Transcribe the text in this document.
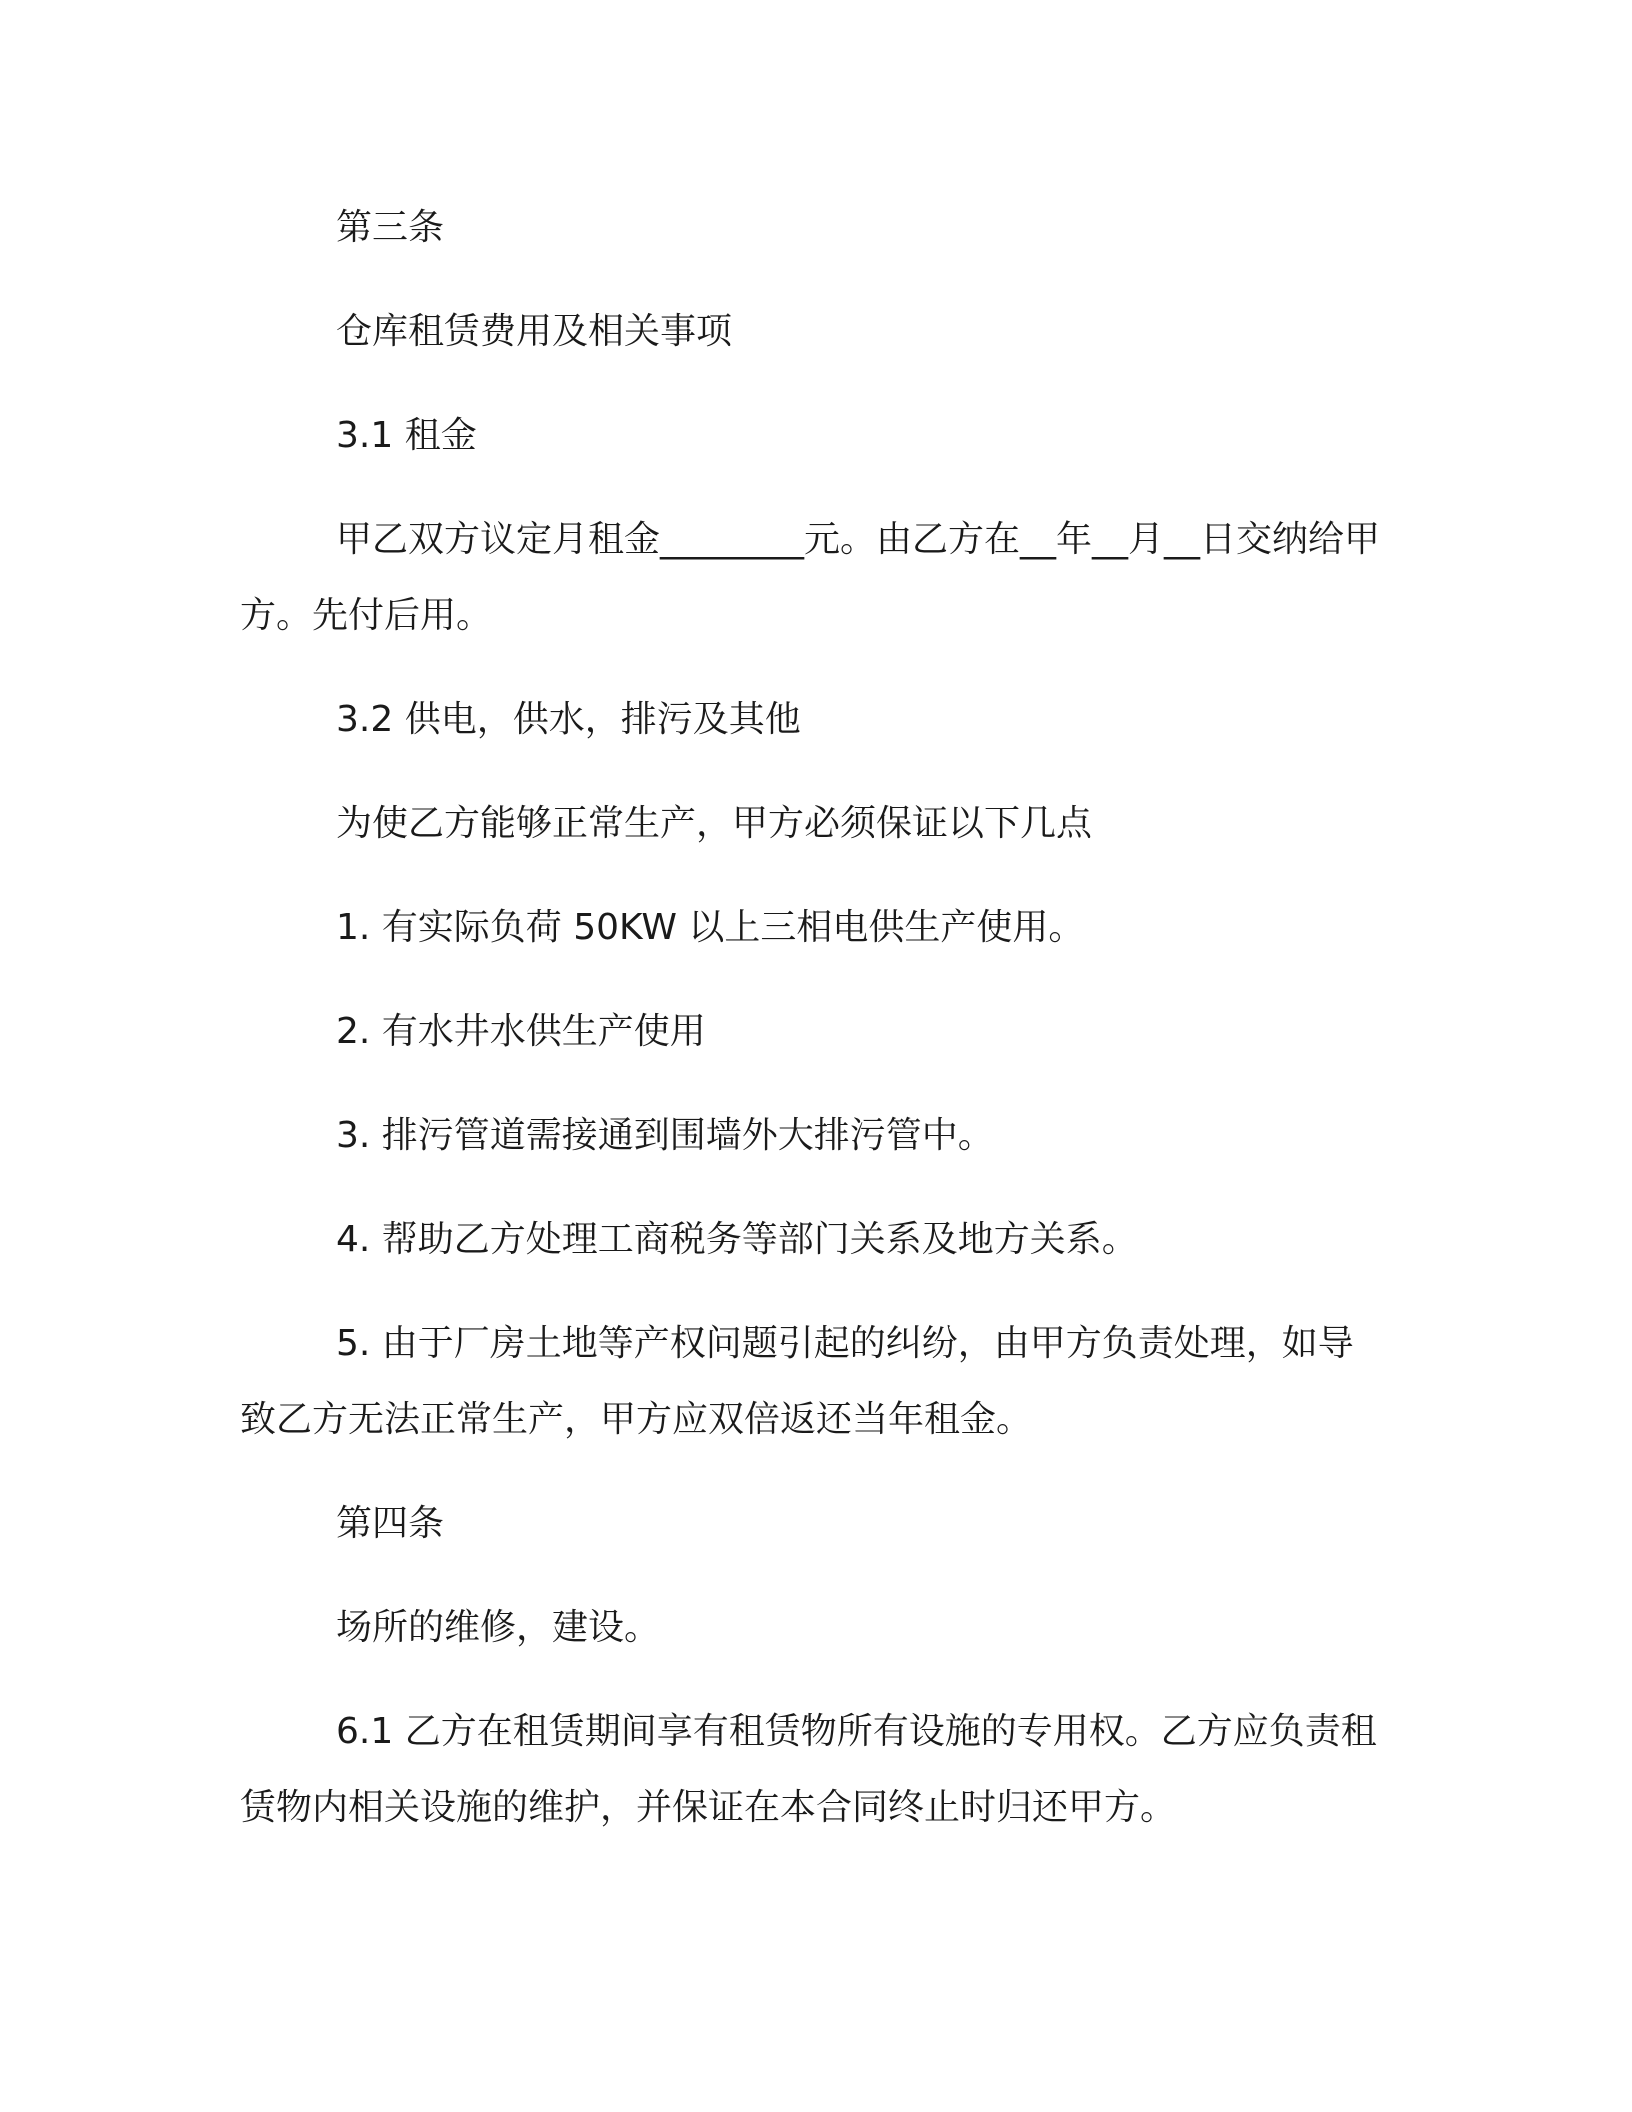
第三条

仓库租赁费用及相关事项

3.1 租金

甲乙双方议定月租金________元。由乙方在__年__月__日交纳给甲方。先付后用。

3.2 供电，供水，排污及其他

为使乙方能够正常生产，甲方必须保证以下几点

1. 有实际负荷 50KW 以上三相电供生产使用。

2. 有水井水供生产使用

3. 排污管道需接通到围墙外大排污管中。

4. 帮助乙方处理工商税务等部门关系及地方关系。

5. 由于厂房土地等产权问题引起的纠纷，由甲方负责处理，如导致乙方无法正常生产，甲方应双倍返还当年租金。

第四条

场所的维修，建设。

6.1 乙方在租赁期间享有租赁物所有设施的专用权。乙方应负责租赁物内相关设施的维护，并保证在本合同终止时归还甲方。
